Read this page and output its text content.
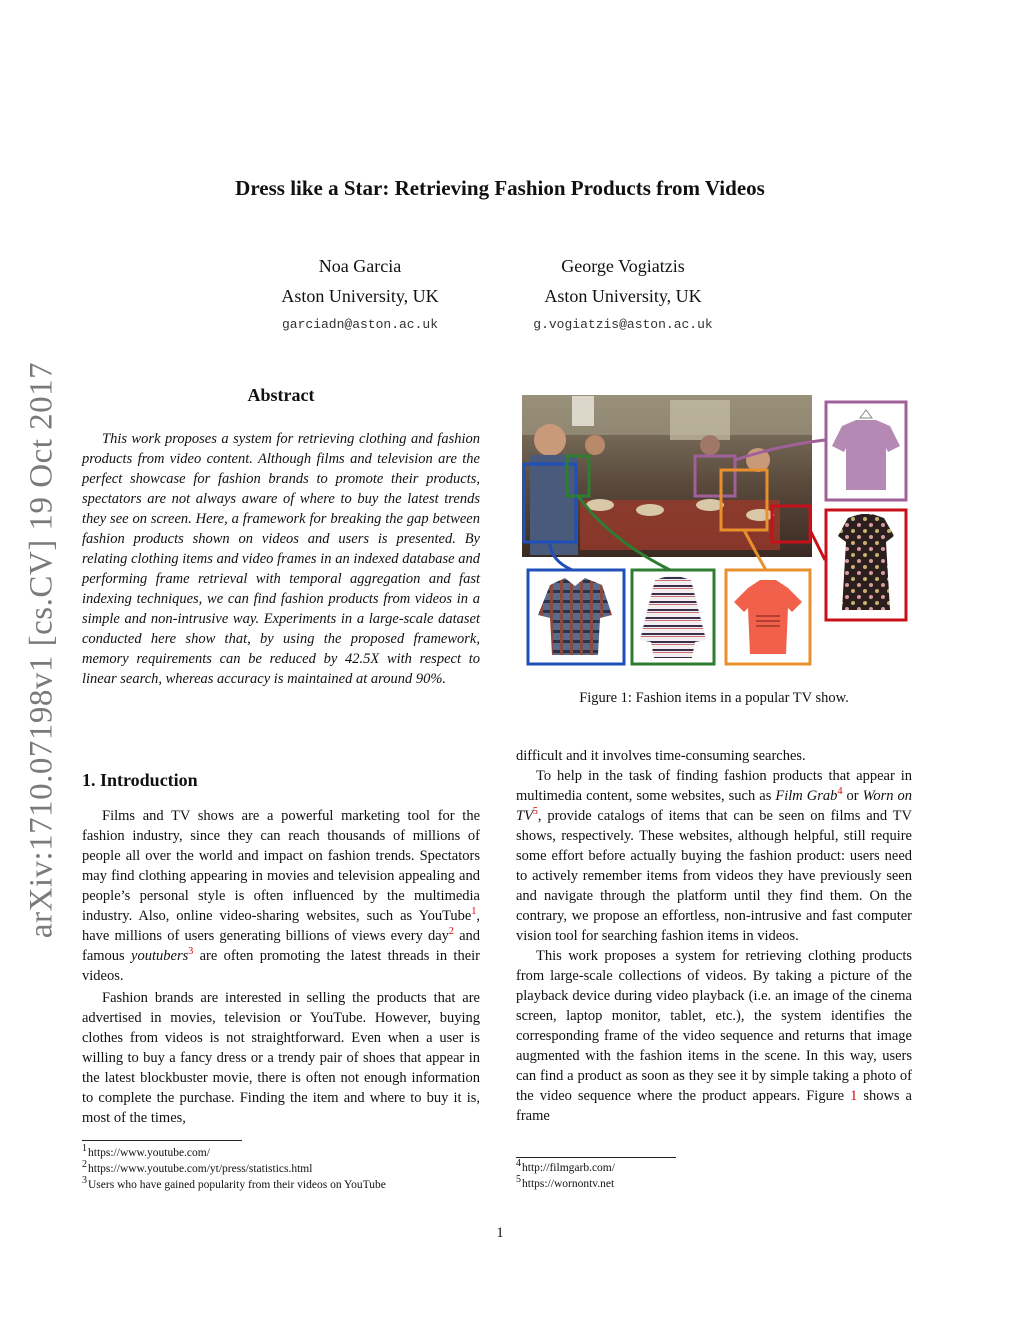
arXiv:1710.07198v1 [cs.CV] 19 Oct 2017
Dress like a Star: Retrieving Fashion Products from Videos
Noa Garcia
Aston University, UK
garciadn@aston.ac.uk
George Vogiatzis
Aston University, UK
g.vogiatzis@aston.ac.uk
Abstract
This work proposes a system for retrieving clothing and fashion products from video content. Although films and television are the perfect showcase for fashion brands to promote their products, spectators are not always aware of where to buy the latest trends they see on screen. Here, a framework for breaking the gap between fashion products shown on videos and users is presented. By relating clothing items and video frames in an indexed database and performing frame retrieval with temporal aggregation and fast indexing techniques, we can find fashion products from videos in a simple and non-intrusive way. Experiments in a large-scale dataset conducted here show that, by using the proposed framework, memory requirements can be reduced by 42.5X with respect to linear search, whereas accuracy is maintained at around 90%.
1. Introduction

Films and TV shows are a powerful marketing tool for the fashion industry, since they can reach thousands of millions of people all over the world and impact on fashion trends. Spectators may find clothing appearing in movies and television appealing and people’s personal style is often influenced by the multimedia industry. Also, online video-sharing websites, such as YouTube$^1$, have millions of users generating billions of views every day$^2$ and famous youtubers$^3$ are often promoting the latest threads in their videos.

Fashion brands are interested in selling the products that are advertised in movies, television or YouTube. However, buying clothes from videos is not straightforward. Even when a user is willing to buy a fancy dress or a trendy pair of shoes that appear in the latest blockbuster movie, there is often not enough information to complete the purchase. Finding the item and where to buy it is, most of the times,

difficult and it involves time-consuming searches.

To help in the task of finding fashion products that appear in multimedia content, some websites, such as Film Grab$^4$ or Worn on TV$^5$, provide catalogs of items that can be seen on films and TV shows, respectively. These websites, although helpful, still require some effort before actually buying the fashion product: users need to actively remember items from videos they have previously seen and navigate through the platform until they find them. On the contrary, we propose an effortless, non-intrusive and fast computer vision tool for searching fashion items in videos.

This work proposes a system for retrieving clothing products from large-scale collections of videos. By taking a picture of the playback device during video playback (i.e. an image of the cinema screen, laptop monitor, tablet, etc.), the system identifies the corresponding frame of the video sequence and returns that image augmented with the fashion items in the scene. In this way, users can find a product as soon as they see it by simple taking a photo of the video sequence where the product appears. Figure 1 shows a frame

Figure 1: Fashion items in a popular TV show.
$^1$https://www.youtube.com/
$^2$https://www.youtube.com/yt/press/statistics.html
$^3$Users who have gained popularity from their videos on YouTube
$^4$http://filmgarb.com/
$^5$https://wornontv.net
1
